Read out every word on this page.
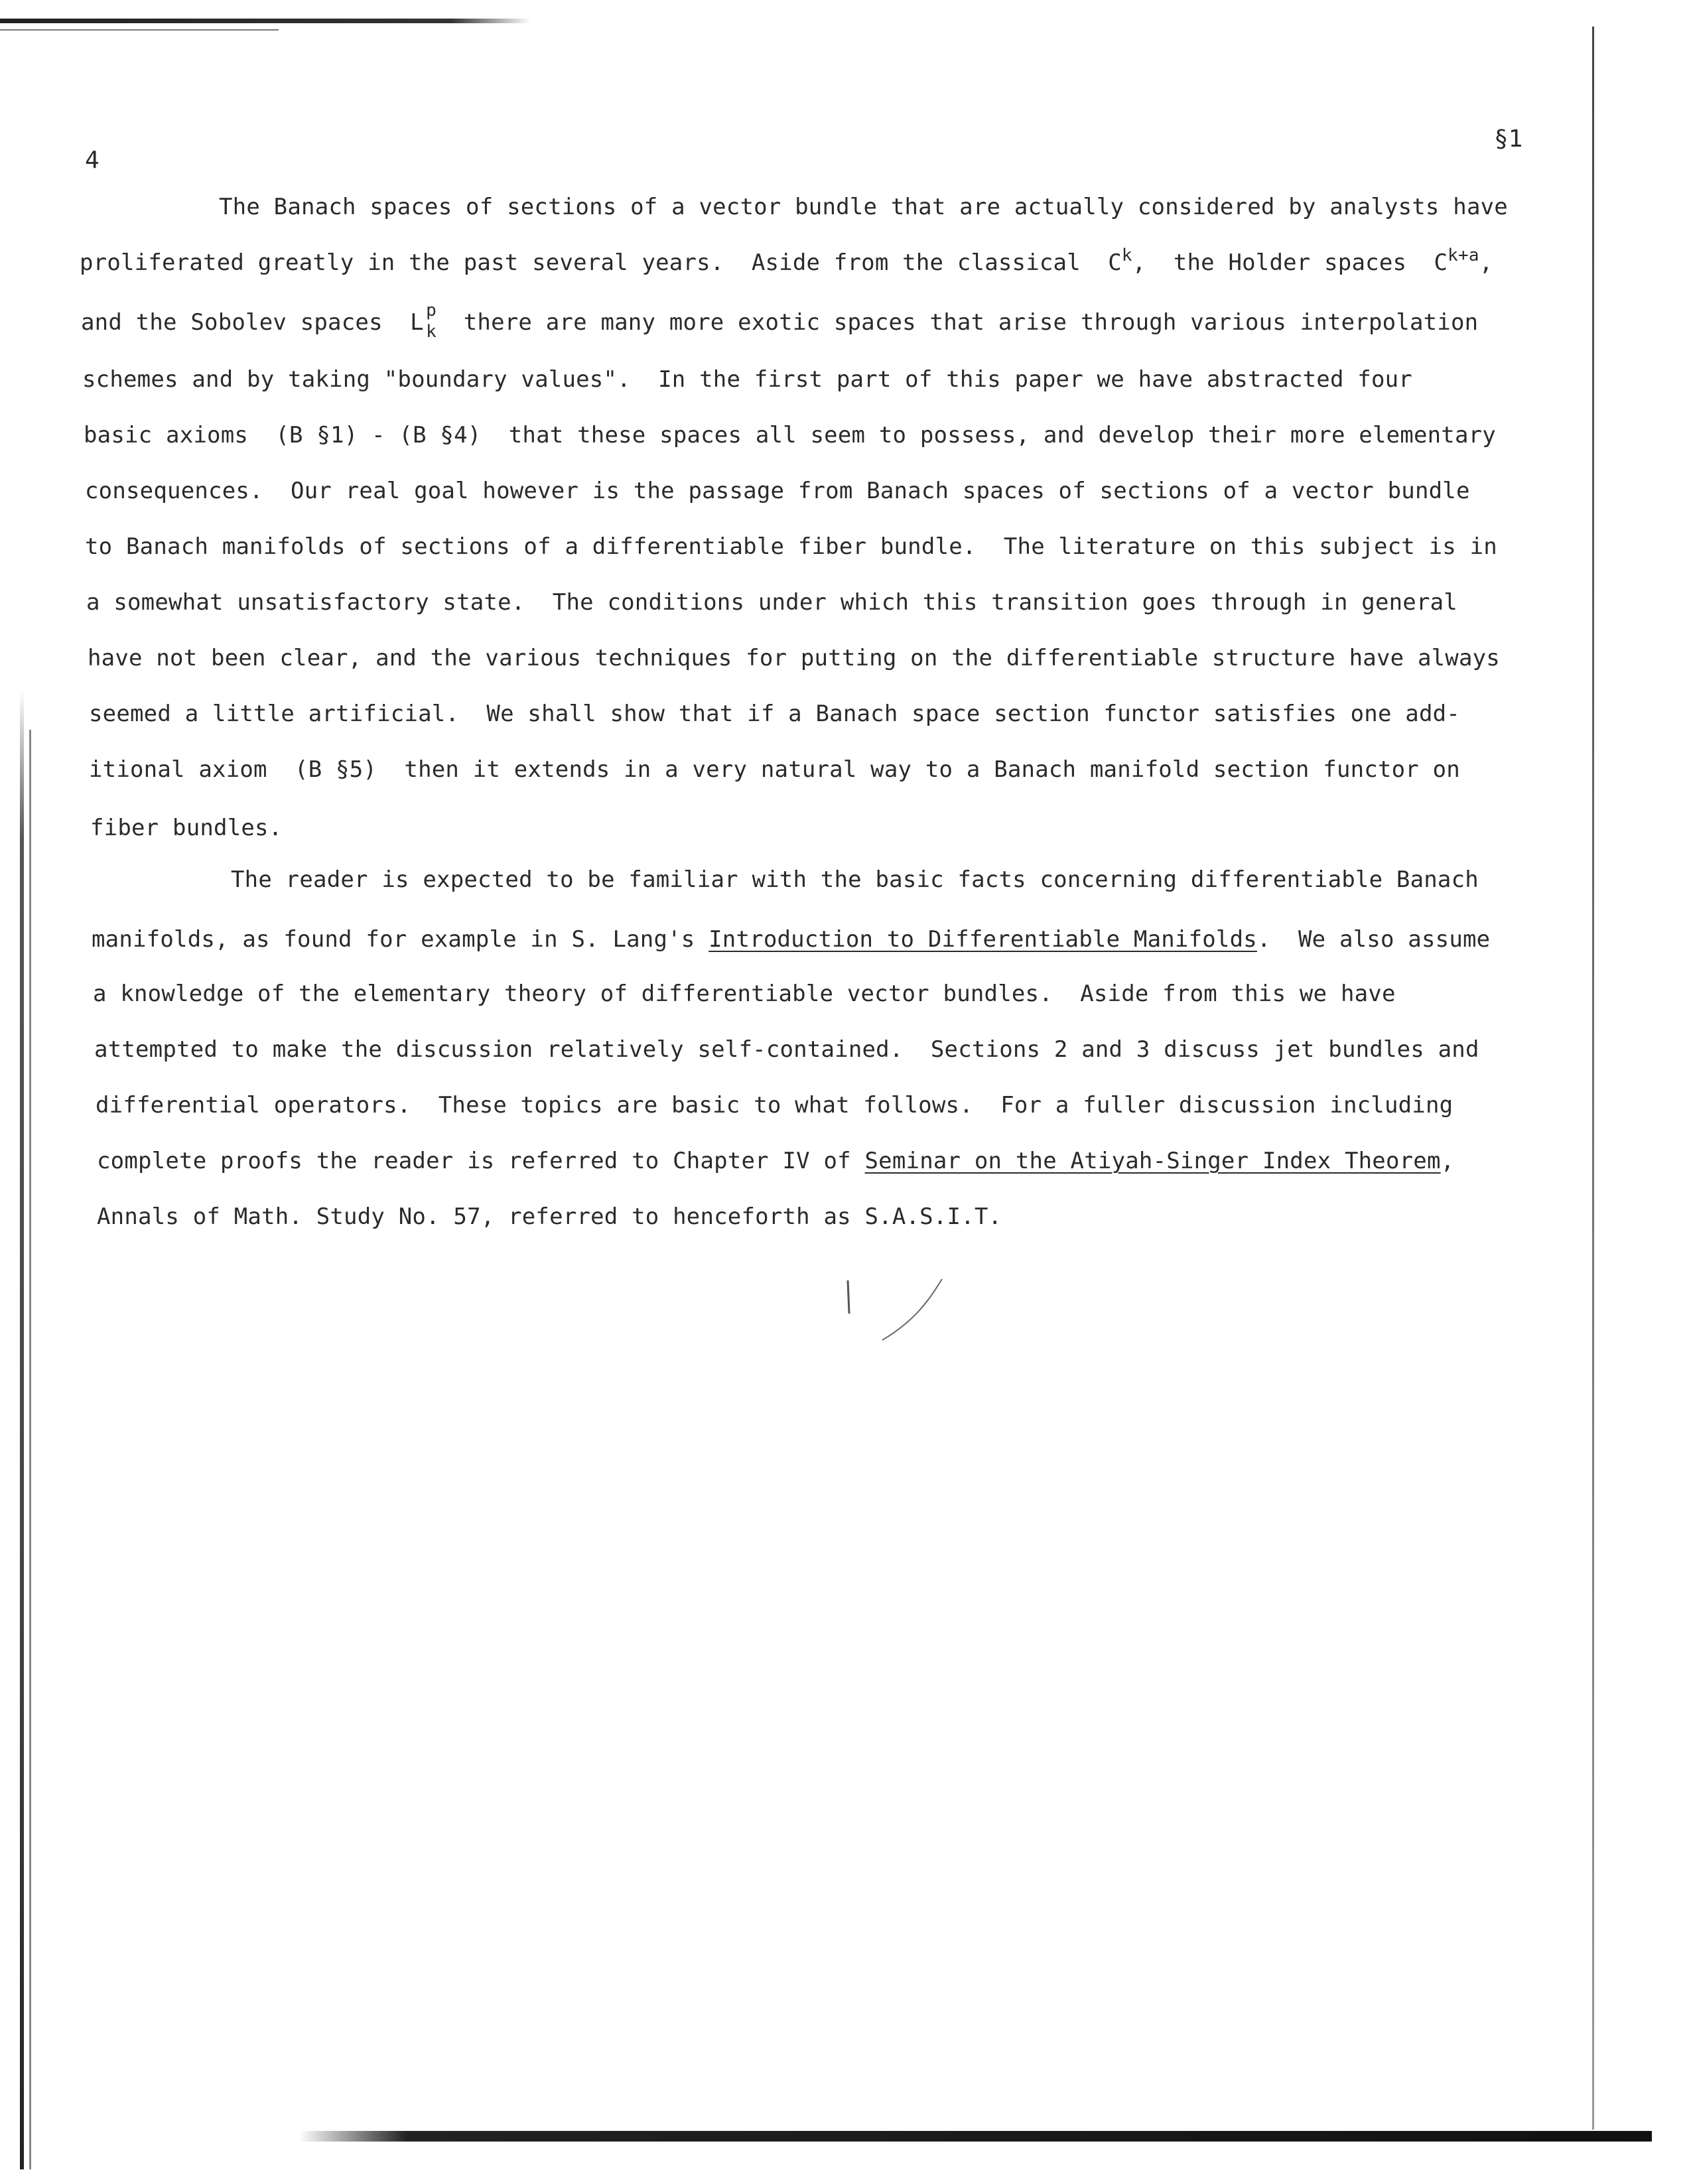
4
§1
The Banach spaces of sections of a vector bundle that are actually considered by analysts have
proliferated greatly in the past several years.  Aside from the classical  $C^k$,  the Holder spaces  $C^{k+a}$,
and the Sobolev spaces  L p
k there are many more exotic spaces that arise through various interpolation
schemes and by taking "boundary values".  In the first part of this paper we have abstracted four
basic axioms  (B §1) - (B §4)  that these spaces all seem to possess, and develop their more elementary
consequences.  Our real goal however is the passage from Banach spaces of sections of a vector bundle
to Banach manifolds of sections of a differentiable fiber bundle.  The literature on this subject is in
a somewhat unsatisfactory state.  The conditions under which this transition goes through in general
have not been clear, and the various techniques for putting on the differentiable structure have always
seemed a little artificial.  We shall show that if a Banach space section functor satisfies one add-
itional axiom  (B §5)  then it extends in a very natural way to a Banach manifold section functor on
fiber bundles.
The reader is expected to be familiar with the basic facts concerning differentiable Banach
manifolds, as found for example in S. Lang's Introduction to Differentiable Manifolds.  We also assume
a knowledge of the elementary theory of differentiable vector bundles.  Aside from this we have
attempted to make the discussion relatively self-contained.  Sections 2 and 3 discuss jet bundles and
differential operators.  These topics are basic to what follows.  For a fuller discussion including
complete proofs the reader is referred to Chapter IV of Seminar on the Atiyah-Singer Index Theorem,
Annals of Math. Study No. 57, referred to henceforth as S.A.S.I.T.
